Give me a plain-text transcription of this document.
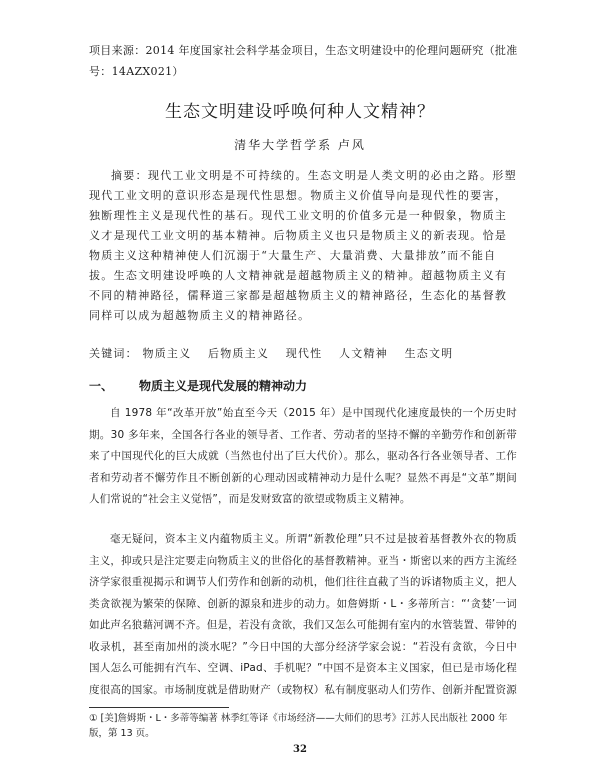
项目来源：2014 年度国家社会科学基金项目，生态文明建设中的伦理问题研究（批准号：14AZX021）
生态文明建设呼唤何种人文精神？
清华大学哲学系 卢风

摘要：现代工业文明是不可持续的。生态文明是人类文明的必由之路。形塑现代工业文明的意识形态是现代性思想。物质主义价值导向是现代性的要害，独断理性主义是现代性的基石。现代工业文明的价值多元是一种假象，物质主义才是现代工业文明的基本精神。后物质主义也只是物质主义的新表现。恰是物质主义这种精神使人们沉溺于“大量生产、大量消费、大量排放”而不能自拔。生态文明建设呼唤的人文精神就是超越物质主义的精神。超越物质主义有不同的精神路径，儒释道三家都是超越物质主义的精神路径，生态化的基督教同样可以成为超越物质主义的精神路径。

关键词： 物质主义 后物质主义 现代性 人文精神 生态文明
一、 物质主义是现代发展的精神动力

自 1978 年“改革开放”始直至今天（2015 年）是中国现代化速度最快的一个历史时期。30 多年来，全国各行各业的领导者、工作者、劳动者的坚持不懈的辛勤劳作和创新带来了中国现代化的巨大成就（当然也付出了巨大代价）。那么，驱动各行各业领导者、工作者和劳动者不懈劳作且不断创新的心理动因或精神动力是什么呢？显然不再是“文革”期间人们常说的“社会主义觉悟”，而是发财致富的欲望或物质主义精神。

毫无疑问，资本主义内蕴物质主义。所谓“新教伦理”只不过是披着基督教外衣的物质主义，抑或只是注定要走向物质主义的世俗化的基督教精神。亚当・斯密以来的西方主流经济学家很重视揭示和调节人们劳作和创新的动机，他们往往直截了当的诉诸物质主义，把人类贪欲视为繁荣的保障、创新的源泉和进步的动力。如詹姆斯・L・多蒂所言：“‘贪婪’一词如此声名狼藉河调不齐。但是，若没有贪欲，我们又怎么可能拥有室内的水管装置、带钟的收录机，甚至南加州的淡水呢？”今日中国的大部分经济学家会说：“若没有贪欲，今日中国人怎么可能拥有汽车、空调、iPad、手机呢？”中国不是资本主义国家，但已是市场化程度很高的国家。市场制度就是借助财产（或物权）私有制度驱动人们劳作、创新并配置资源

① [美]詹姆斯・L・多蒂等编著 林季红等译《市场经济——大师们的思考》江苏人民出版社 2000 年版，第 13 页。

32
